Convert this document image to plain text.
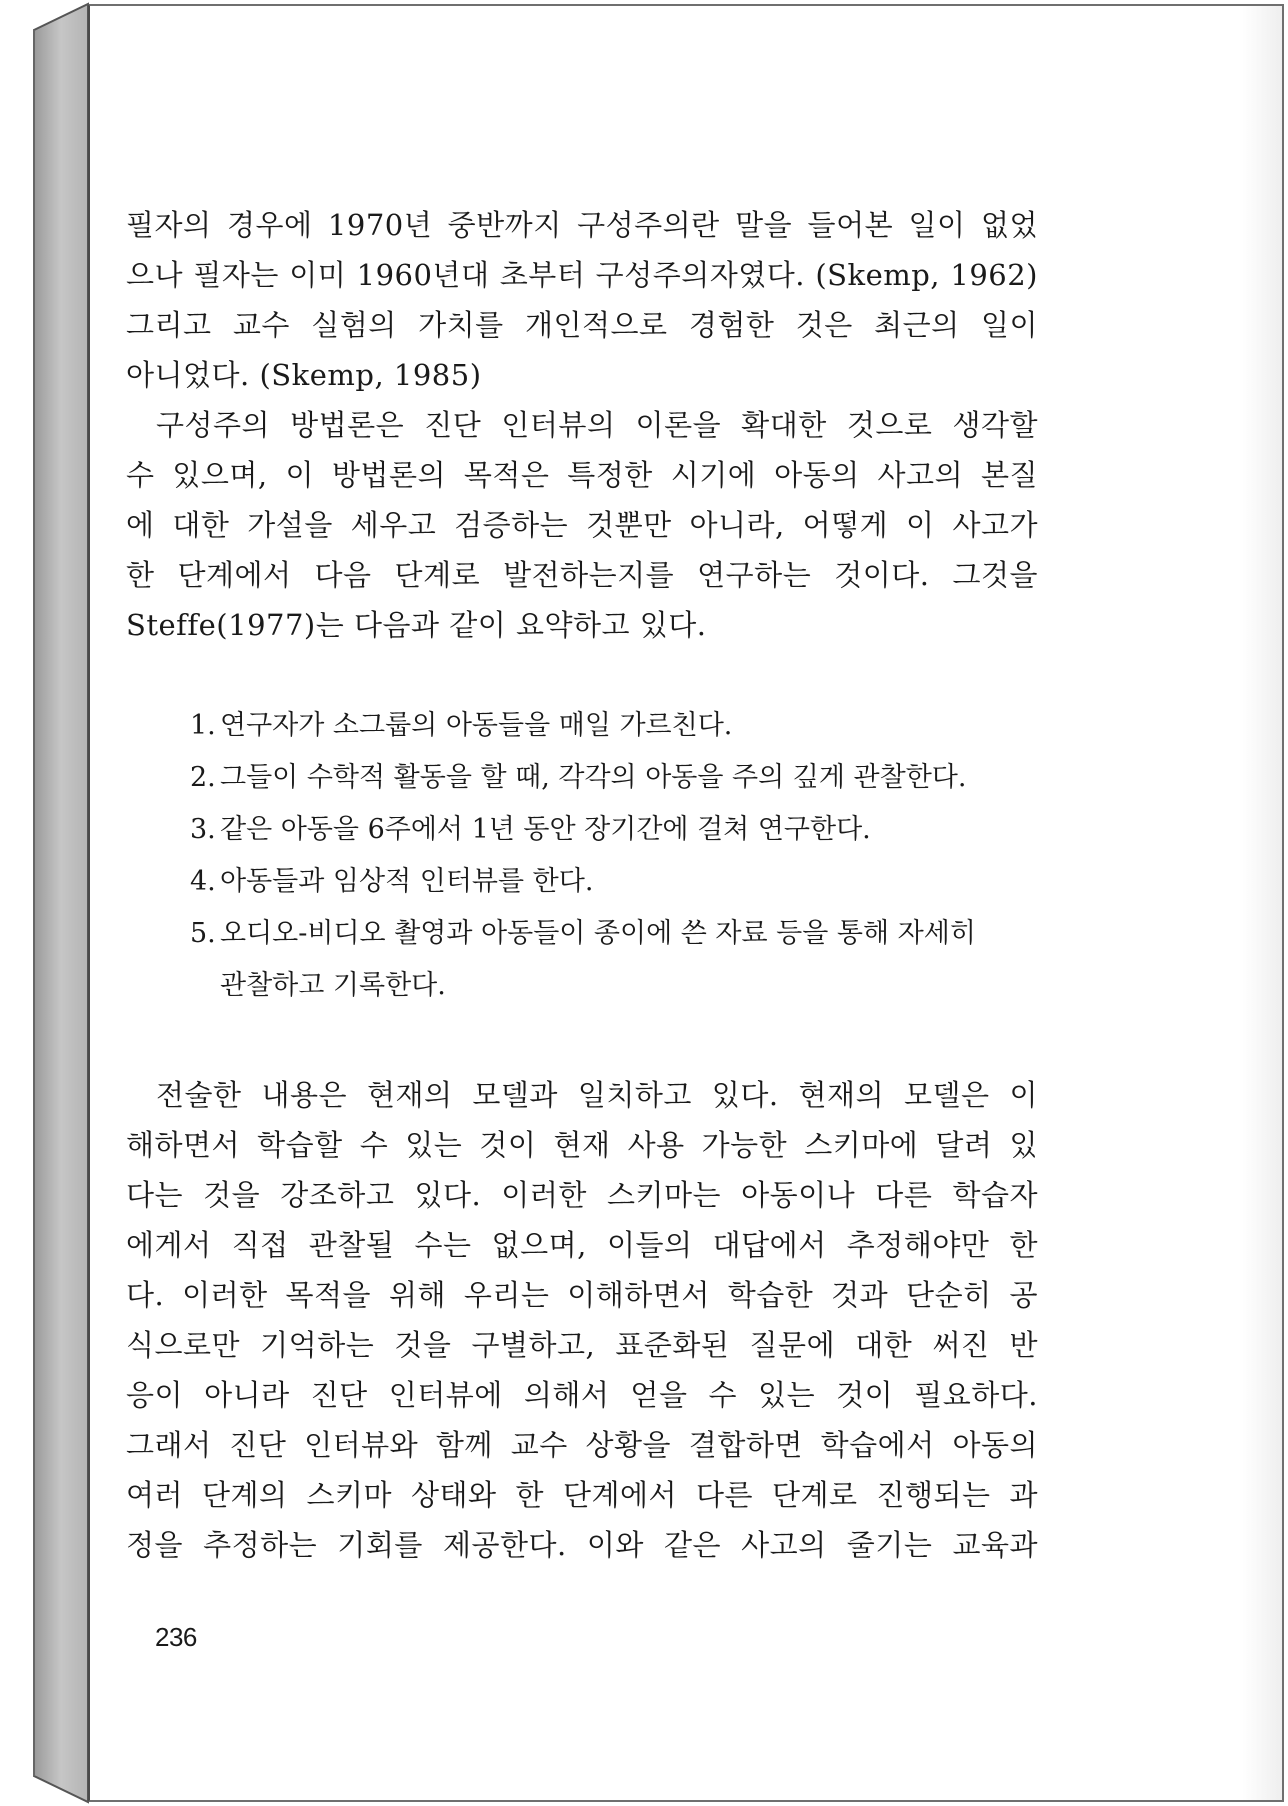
필자의 경우에 1970년 중반까지 구성주의란 말을 들어본 일이 없었
으나 필자는 이미 1960년대 초부터 구성주의자였다. (Skemp, 1962)
그리고 교수 실험의 가치를 개인적으로 경험한 것은 최근의 일이
아니었다. (Skemp, 1985)

구성주의 방법론은 진단 인터뷰의 이론을 확대한 것으로 생각할
수 있으며, 이 방법론의 목적은 특정한 시기에 아동의 사고의 본질
에 대한 가설을 세우고 검증하는 것뿐만 아니라, 어떻게 이 사고가
한 단계에서 다음 단계로 발전하는지를 연구하는 것이다. 그것을
Steffe(1977)는 다음과 같이 요약하고 있다.

1. 연구자가 소그룹의 아동들을 매일 가르친다.
2. 그들이 수학적 활동을 할 때, 각각의 아동을 주의 깊게 관찰한다.
3. 같은 아동을 6주에서 1년 동안 장기간에 걸쳐 연구한다.
4. 아동들과 임상적 인터뷰를 한다.
5. 오디오-비디오 촬영과 아동들이 종이에 쓴 자료 등을 통해 자세히
관찰하고 기록한다.

전술한 내용은 현재의 모델과 일치하고 있다. 현재의 모델은 이
해하면서 학습할 수 있는 것이 현재 사용 가능한 스키마에 달려 있
다는 것을 강조하고 있다. 이러한 스키마는 아동이나 다른 학습자
에게서 직접 관찰될 수는 없으며, 이들의 대답에서 추정해야만 한
다. 이러한 목적을 위해 우리는 이해하면서 학습한 것과 단순히 공
식으로만 기억하는 것을 구별하고, 표준화된 질문에 대한 써진 반
응이 아니라 진단 인터뷰에 의해서 얻을 수 있는 것이 필요하다.
그래서 진단 인터뷰와 함께 교수 상황을 결합하면 학습에서 아동의
여러 단계의 스키마 상태와 한 단계에서 다른 단계로 진행되는 과
정을 추정하는 기회를 제공한다. 이와 같은 사고의 줄기는 교육과

236
